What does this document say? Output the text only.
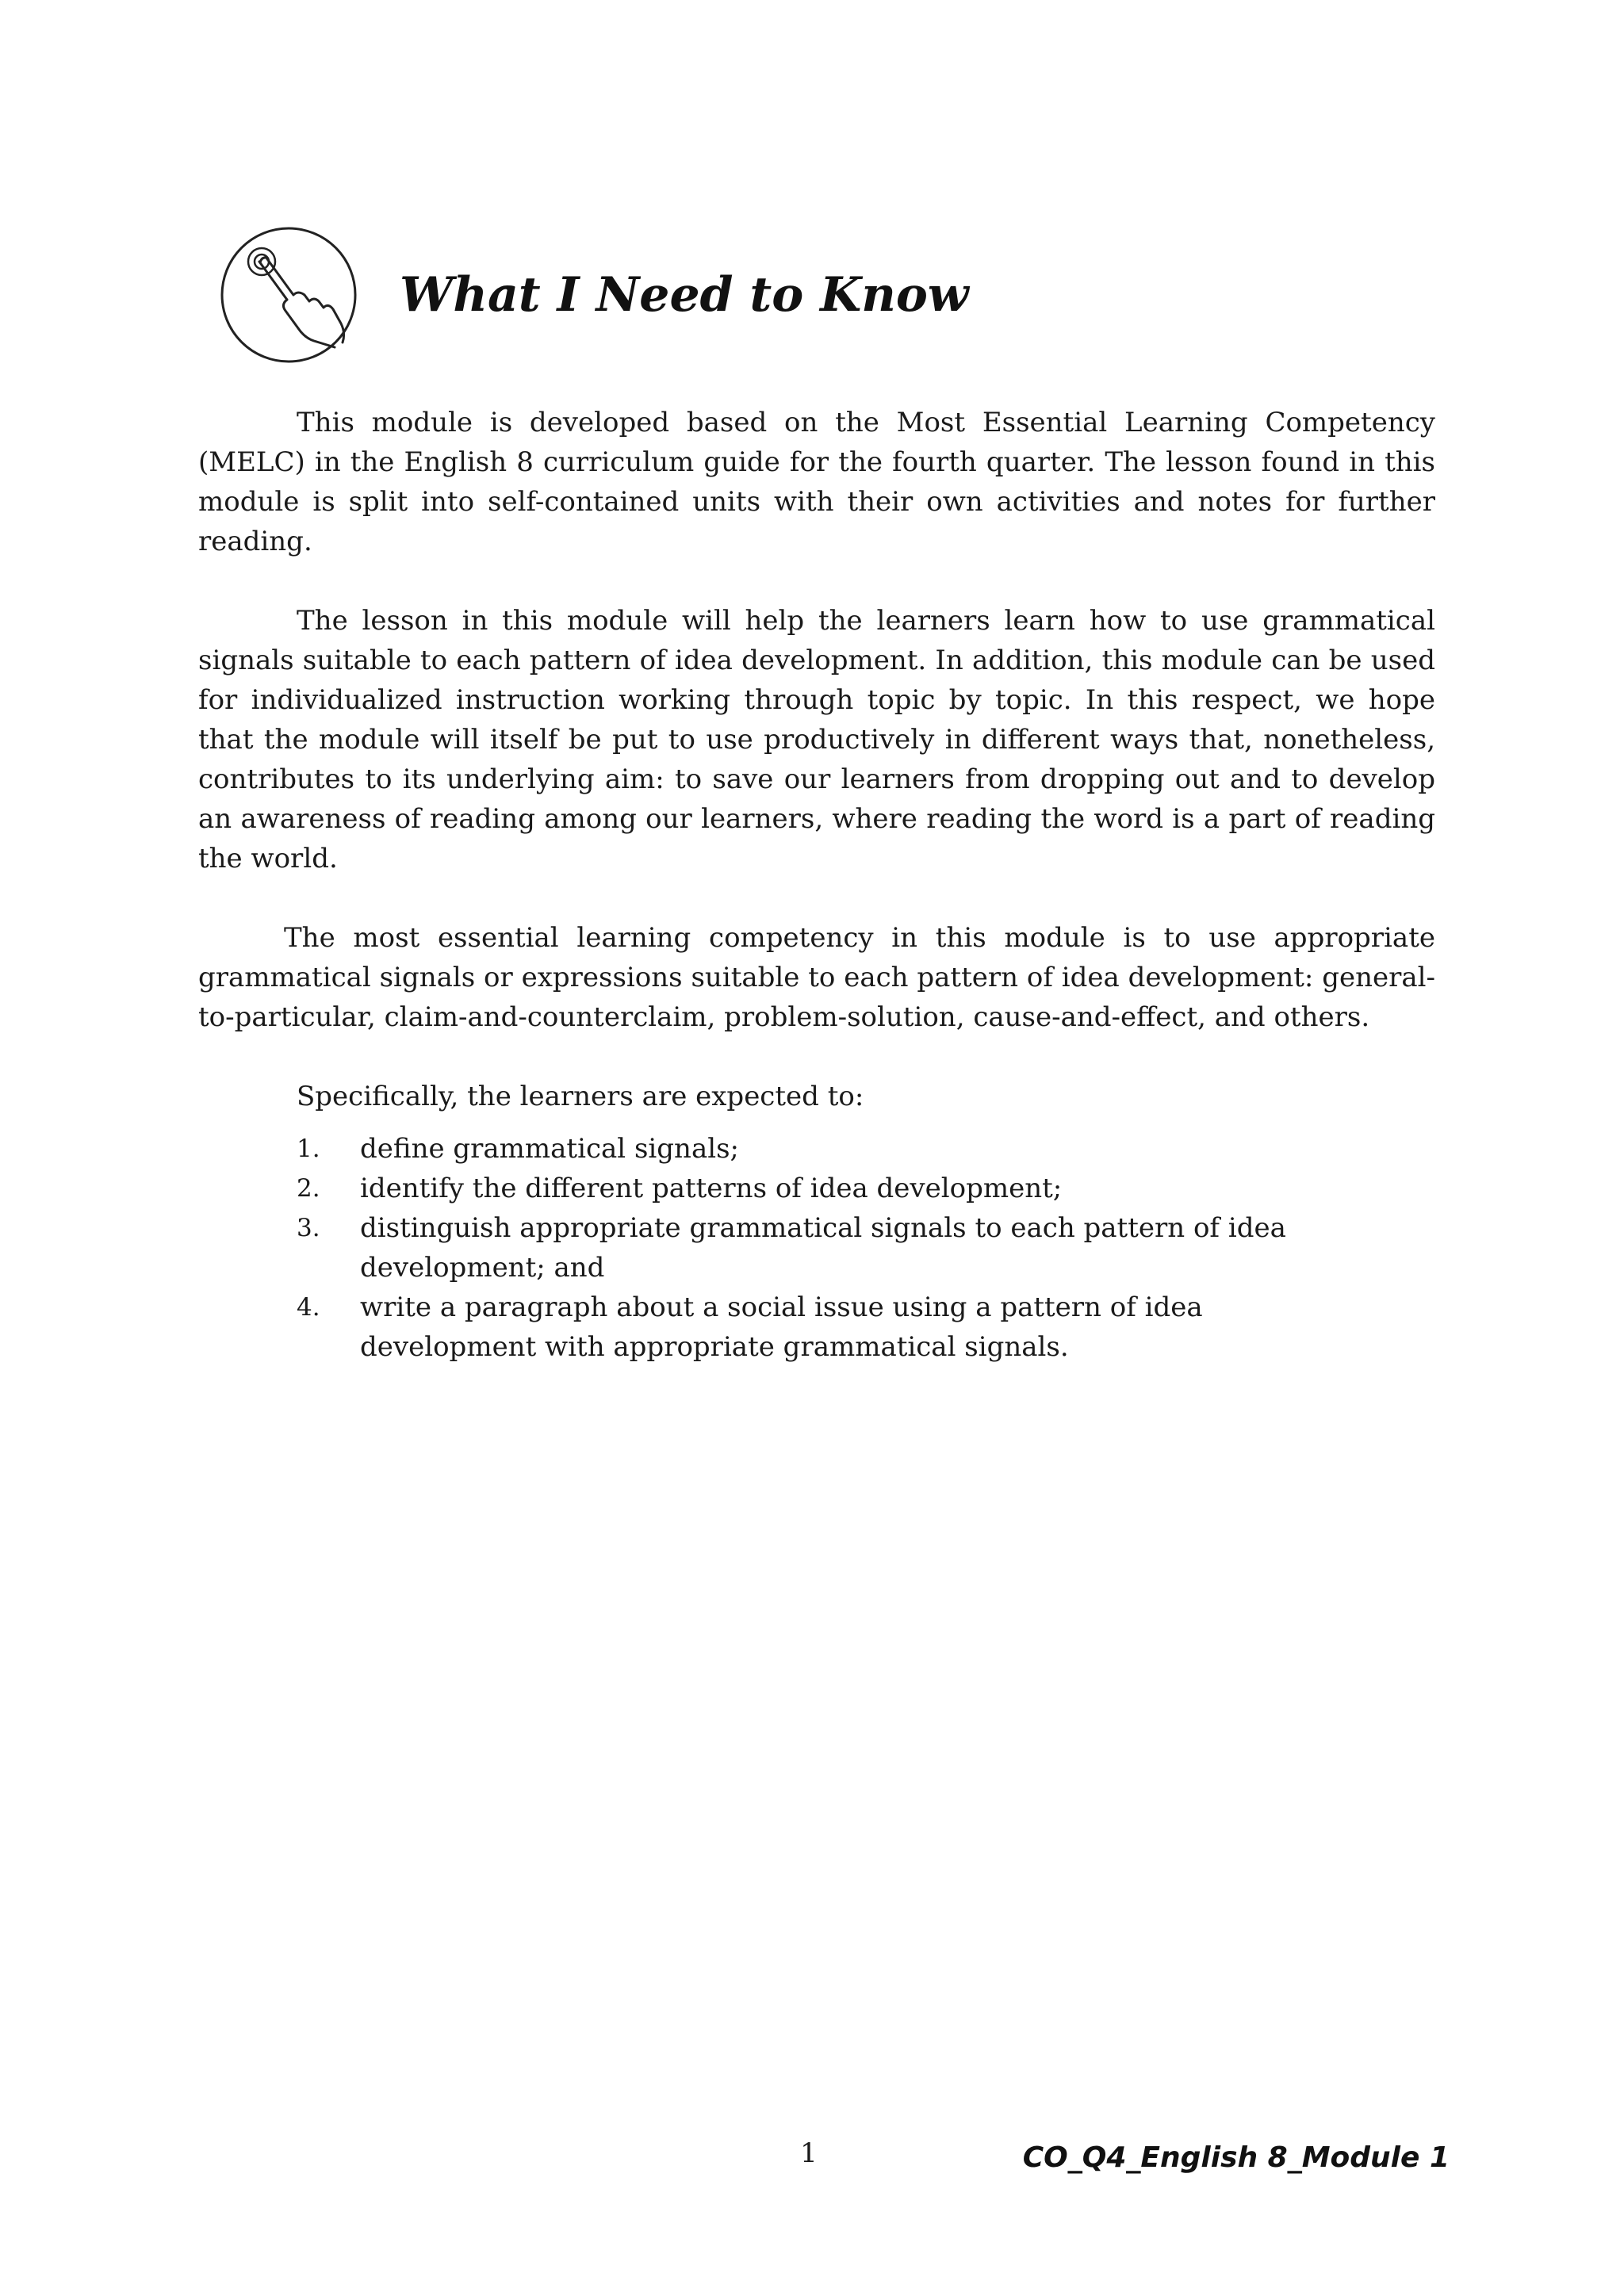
What I Need to Know

This module is developed based on the Most Essential Learning Competency (MELC) in the English 8 curriculum guide for the fourth quarter. The lesson found in this module is split into self-contained units with their own activities and notes for further reading.

The lesson in this module will help the learners learn how to use grammatical signals suitable to each pattern of idea development. In addition, this module can be used for individualized instruction working through topic by topic. In this respect, we hope that the module will itself be put to use productively in different ways that, nonetheless, contributes to its underlying aim: to save our learners from dropping out and to develop an awareness of reading among our learners, where reading the word is a part of reading the world.

The most essential learning competency in this module is to use appropriate grammatical signals or expressions suitable to each pattern of idea development: general-to-particular, claim-and-counterclaim, problem-solution, cause-and-effect, and others.

Specifically, the learners are expected to:

1.	define grammatical signals;
2.	identify the different patterns of idea development;
3.	distinguish appropriate grammatical signals to each pattern of idea development; and
4.	write a paragraph about a social issue using a pattern of idea development with appropriate grammatical signals.
1	CO_Q4_English 8_Module 1
